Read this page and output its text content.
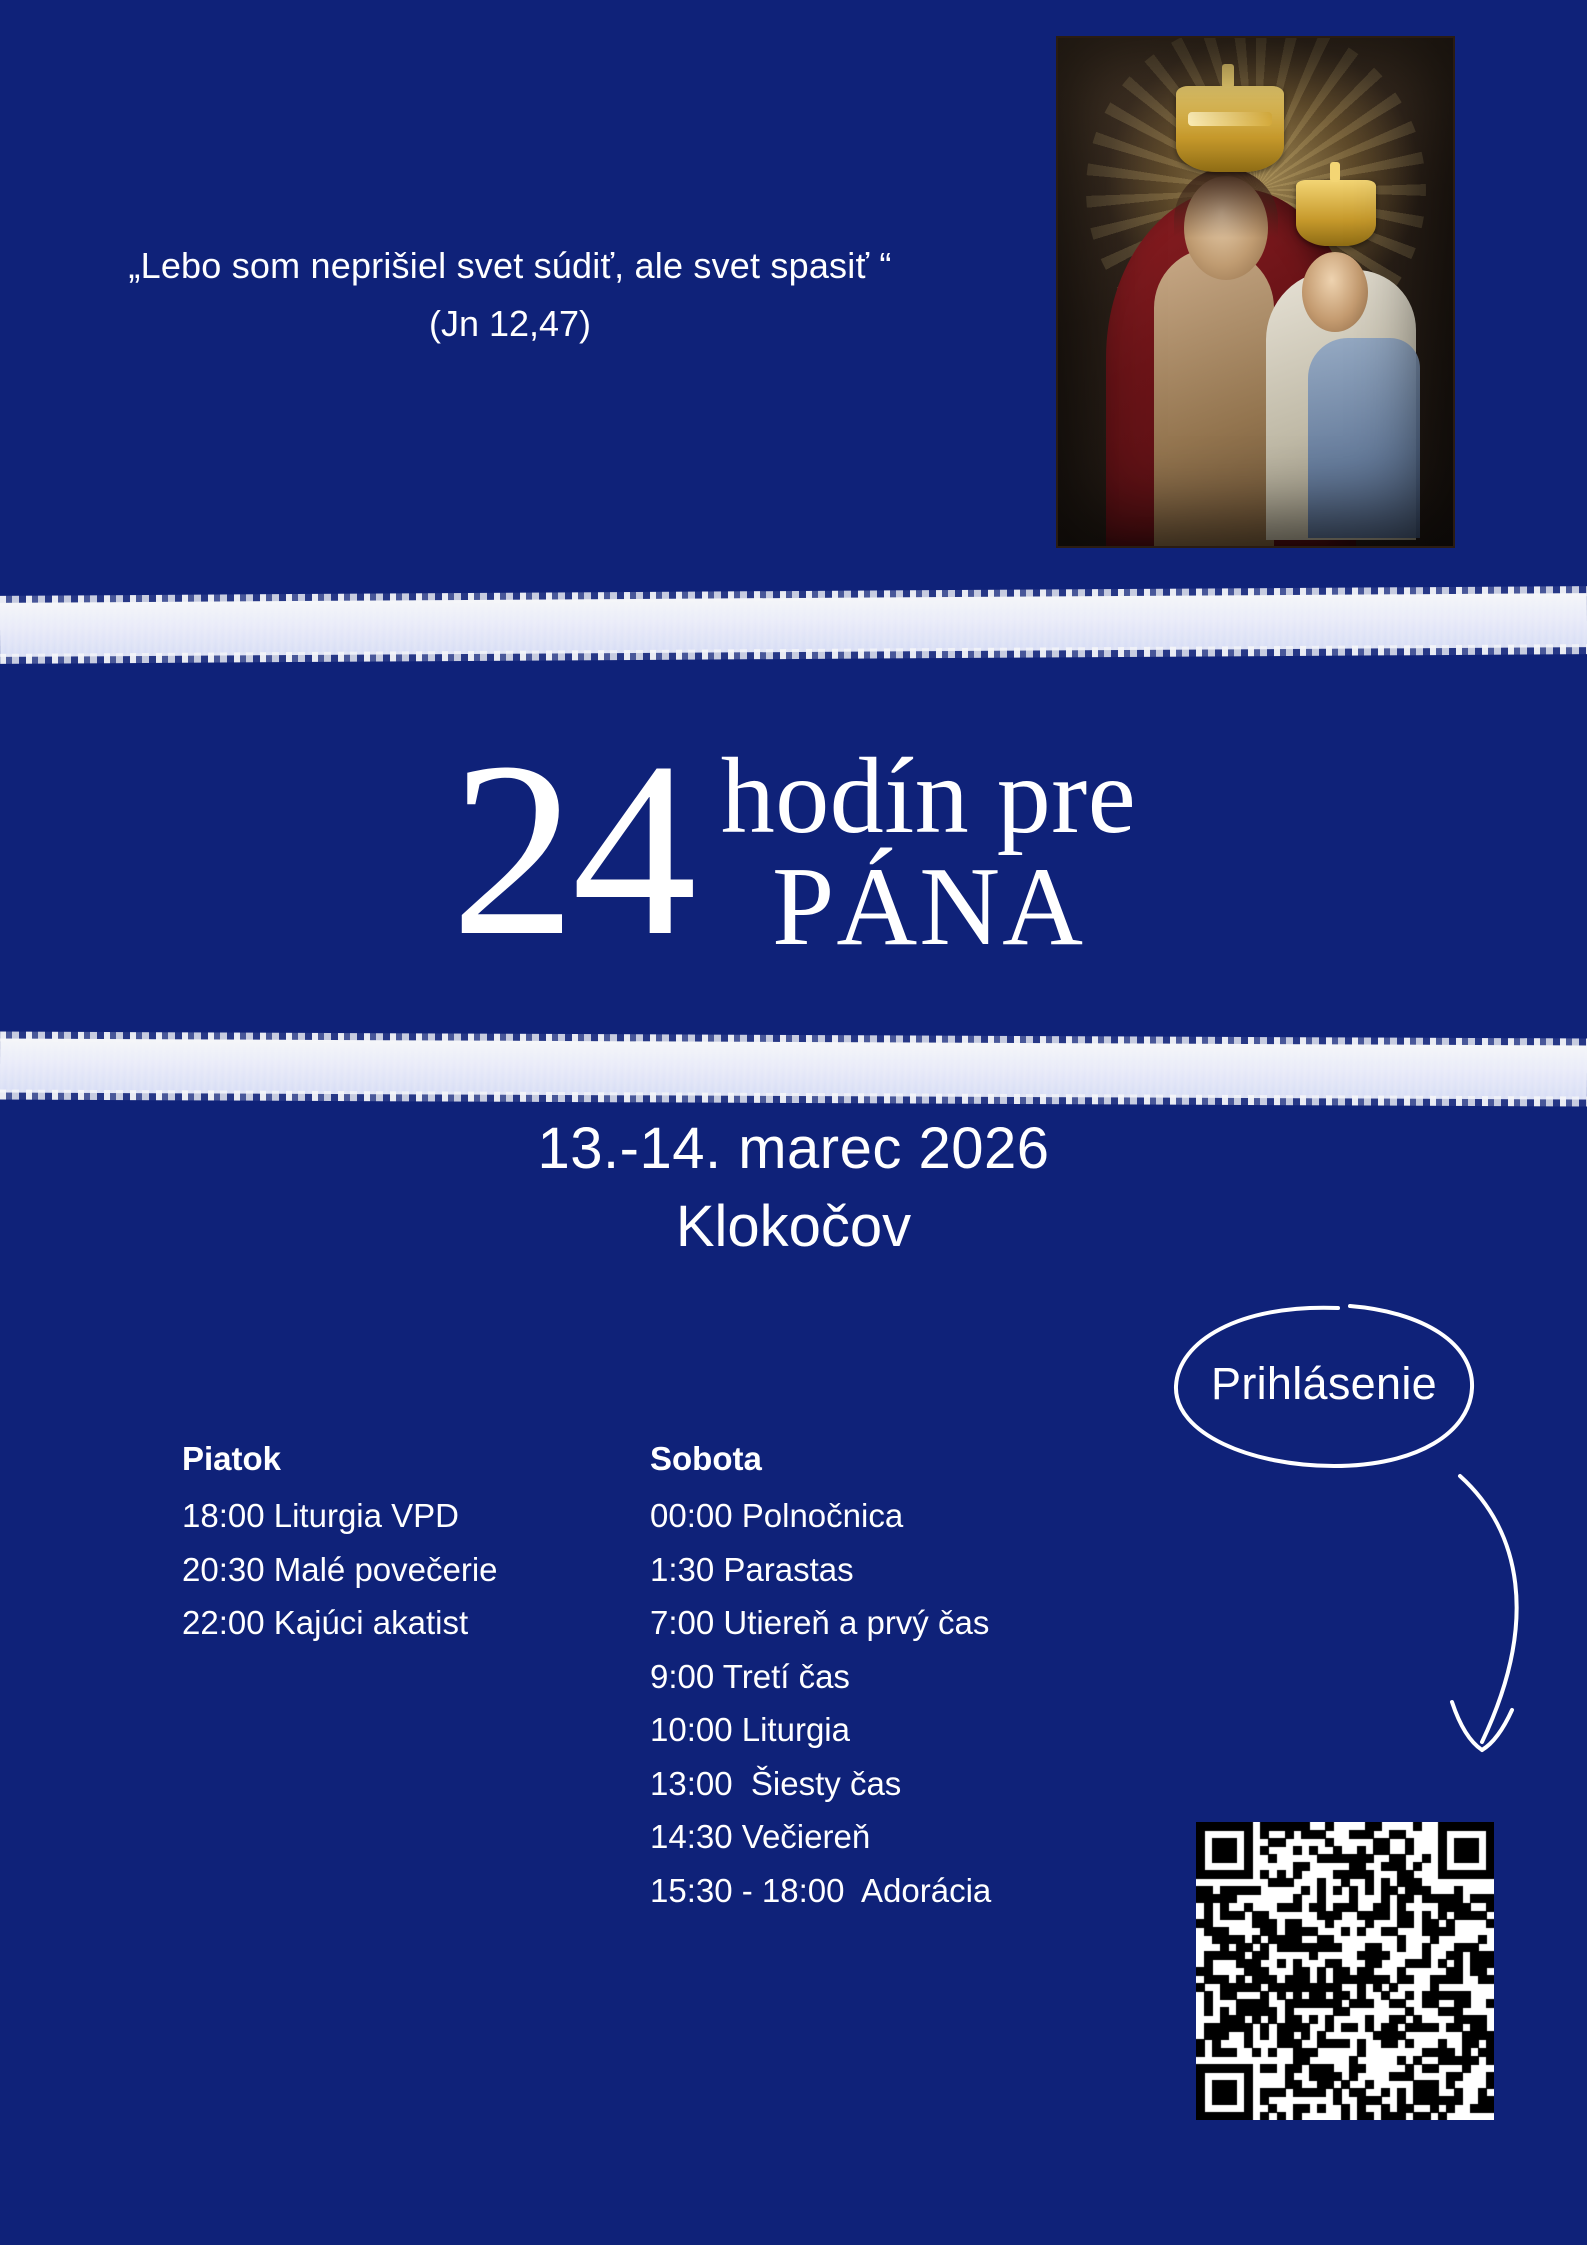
„Lebo som neprišiel svet súdiť, ale svet spasiť “
(Jn 12,47)
24 hodín pre
PÁNA
13.-14. marec 2026
Klokočov
Piatok
18:00 Liturgia VPD
20:30 Malé povečerie
22:00 Kajúci akatist
Sobota
00:00 Polnočnica
1:30 Parastas
7:00 Utiereň a prvý čas
9:00 Tretí čas
10:00 Liturgia
13:00  Šiesty čas
14:30 Večiereň
15:30 - 18:00  Adorácia
Prihlásenie
